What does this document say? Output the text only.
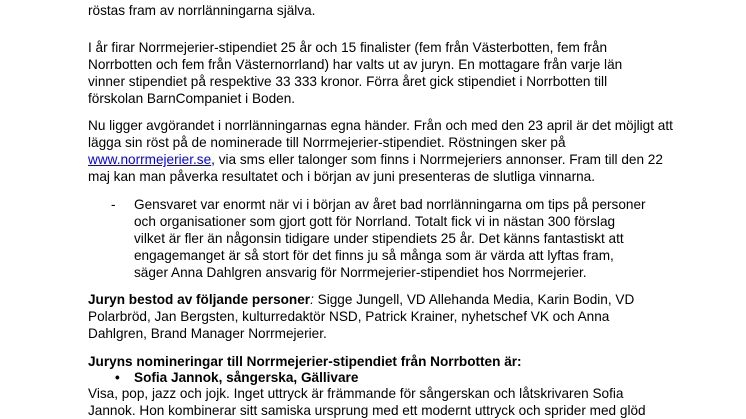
röstas fram av norrlänningarna själva.
I år firar Norrmejerier-stipendiet 25 år och 15 finalister (fem från Västerbotten, fem från
Norrbotten och fem från Västernorrland) har valts ut av juryn. En mottagare från varje län
vinner stipendiet på respektive 33 333 kronor. Förra året gick stipendiet i Norrbotten till
förskolan BarnCompaniet i Boden.
Nu ligger avgörandet i norrlänningarnas egna händer. Från och med den 23 april är det möjligt att
lägga sin röst på de nominerade till Norrmejerier-stipendiet. Röstningen sker på
www.norrmejerier.se, via sms eller talonger som finns i Norrmejeriers annonser. Fram till den 22
maj kan man påverka resultatet och i början av juni presenteras de slutliga vinnarna.
- Gensvaret var enormt när vi i början av året bad norrlänningarna om tips på personer
och organisationer som gjort gott för Norrland. Totalt fick vi in nästan 300 förslag
vilket är fler än någonsin tidigare under stipendiets 25 år. Det känns fantastiskt att
engagemanget är så stort för det finns ju så många som är värda att lyftas fram,
säger Anna Dahlgren ansvarig för Norrmejerier-stipendiet hos Norrmejerier.
Juryn bestod av följande personer: Sigge Jungell, VD Allehanda Media, Karin Bodin, VD
Polarbröd, Jan Bergsten, kulturredaktör NSD, Patrick Krainer, nyhetschef VK och Anna
Dahlgren, Brand Manager Norrmejerier.
Juryns nomineringar till Norrmejerier-stipendiet från Norrbotten är:
• Sofia Jannok, sångerska, Gällivare
Visa, pop, jazz och jojk. Inget uttryck är främmande för sångerskan och låtskrivaren Sofia
Jannok. Hon kombinerar sitt samiska ursprung med ett modernt uttryck och sprider med glöd
